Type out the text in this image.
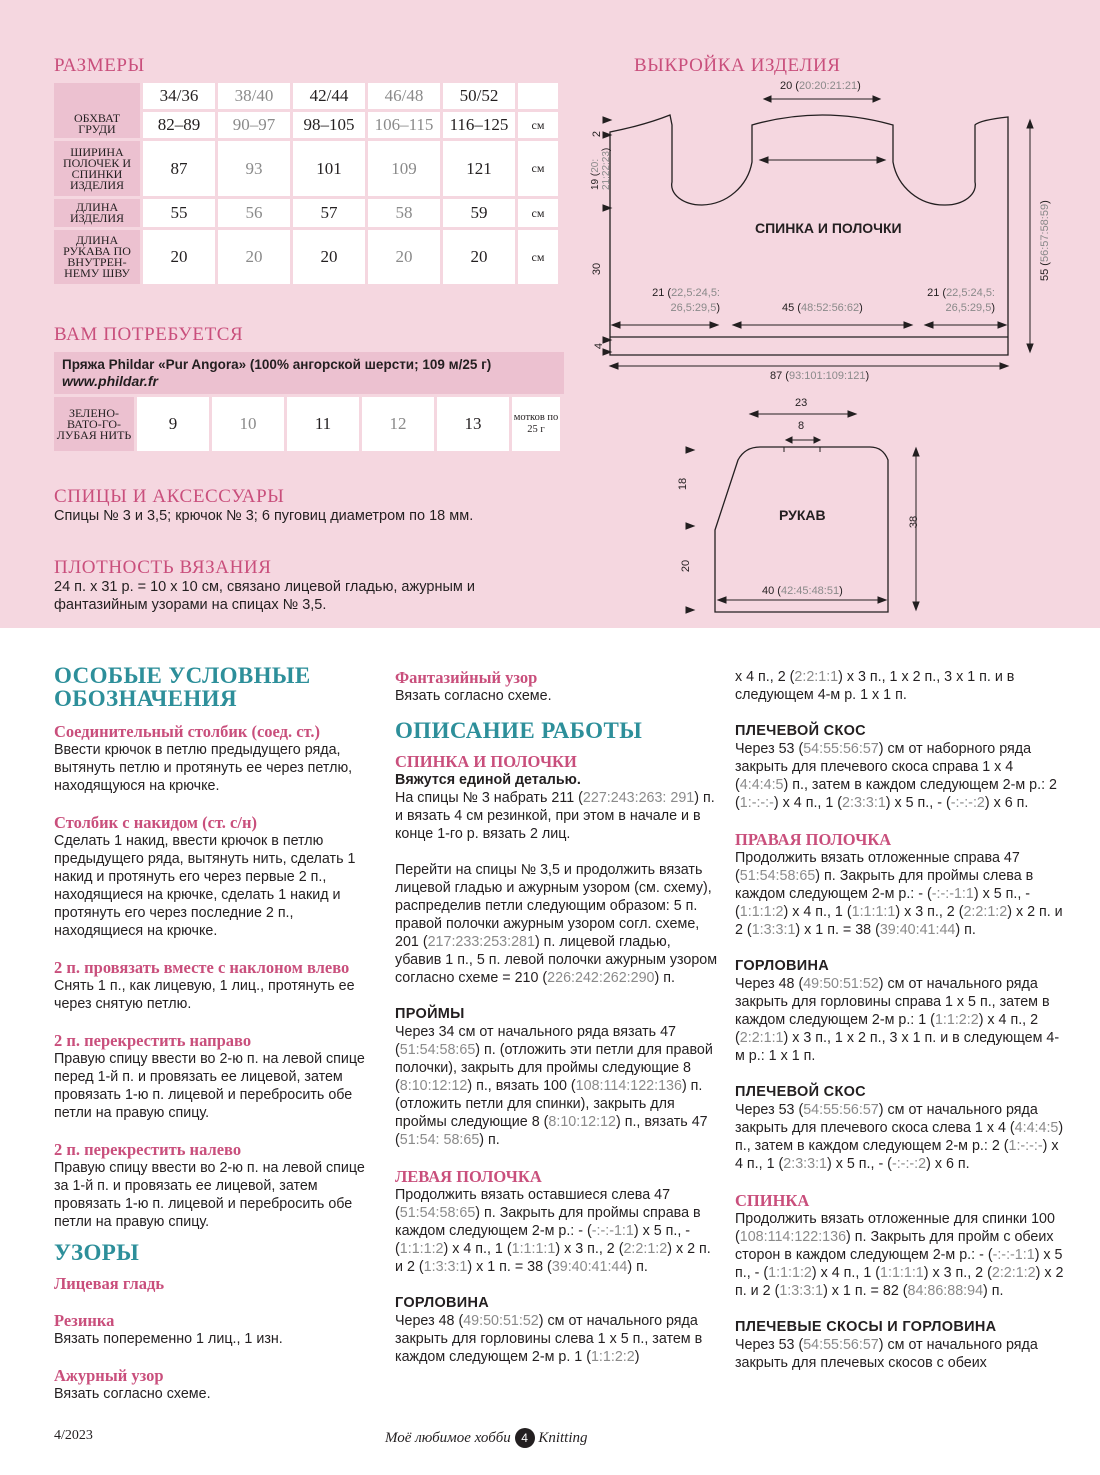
РАЗМЕРЫ
ОБХВАТ ГРУДИ	34/36	38/40	42/44	46/48	50/52	
	82–89	90–97	98–105	106–115	116–125	см
ШИРИНА ПОЛОЧЕК И СПИНКИ ИЗДЕЛИЯ	87	93	101	109	121	см
ДЛИНА ИЗДЕЛИЯ	55	56	57	58	59	см
ДЛИНА РУКАВА ПО ВНУТРЕН-НЕМУ ШВУ	20	20	20	20	20	см
ВАМ ПОТРЕБУЕТСЯ
Пряжа Phildar «Pur Angora» (100% ангорской шерсти; 109 м/25 г)
www.phildar.fr
ЗЕЛЕНО-ВАТО-ГО-ЛУБАЯ НИТЬ	9	10	11	12	13	мотков по 25 г
СПИЦЫ И АКСЕССУАРЫ
Спицы № 3 и 3,5; крючок № 3; 6 пуговиц диаметром по 18 мм.
ПЛОТНОСТЬ ВЯЗАНИЯ
24 п. х 31 р. = 10 х 10 см, связано лицевой гладью, ажурным и фантазийным узорами на спицах № 3,5.
ВЫКРОЙКА ИЗДЕЛИЯ
СПИНКА И ПОЛОЧКИ
РУКАВ
20 (20:20:21:21)
19 (20: 21:22:23)
2
30
4
55 (56:57:58:59)
21 (22,5:24,5:
26,5:29,5)
21 (22,5:24,5:
26,5:29,5)
45 (48:52:56:62)
87 (93:101:109:121)
23
8
18
20
38
40 (42:45:48:51)
ОСОБЫЕ УСЛОВНЫЕ
ОБОЗНАЧЕНИЯ
Соединительный столбик (соед. ст.)

Ввести крючок в петлю предыдущего ряда, вытянуть петлю и протянуть ее через петлю, находящуюся на крючке.

Столбик с накидом (ст. с/н)

Сделать 1 накид, ввести крючок в петлю предыдущего ряда, вытянуть нить, сделать 1 накид и протянуть его через первые 2 п., находящиеся на крючке, сделать 1 накид и протянуть его через последние 2 п., находящиеся на крючке.

2 п. провязать вместе с наклоном влево

Снять 1 п., как лицевую, 1 лиц., протянуть ее через снятую петлю.

2 п. перекрестить направо

Правую спицу ввести во 2-ю п. на левой спице перед 1-й п. и провязать ее лицевой, затем провязать 1-ю п. лицевой и перебросить обе петли на правую спицу.

2 п. перекрестить налево

Правую спицу ввести во 2-ю п. на левой спице за 1-й п. и провязать ее лицевой, затем провязать 1-ю п. лицевой и перебросить обе петли на правую спицу.

УЗОРЫ
Лицевая гладь
Резинка

Вязать попеременно 1 лиц., 1 изн.

Ажурный узор

Вязать согласно схеме.

Фантазийный узор

Вязать согласно схеме.

ОПИСАНИЕ РАБОТЫ
СПИНКА И ПОЛОЧКИ

Вяжутся единой деталью.

На спицы № 3 набрать 211 (227:243:263: 291) п. и вязать 4 см резинкой, при этом в начале и в конце 1-го р. вязать 2 лиц.

Перейти на спицы № 3,5 и продолжить вязать лицевой гладью и ажурным узором (см. схему), распределив петли следующим образом: 5 п. правой полочки ажурным узором согл. схеме, 201 (217:233:253:281) п. лицевой гладью, убавив 1 п., 5 п. левой полочки ажурным узором согласно схеме = 210 (226:242:262:290) п.

ПРОЙМЫ

Через 34 см от начального ряда вязать 47 (51:54:58:65) п. (отложить эти петли для правой полочки), закрыть для проймы следующие 8 (8:10:12:12) п., вязать 100 (108:114:122:136) п. (отложить петли для спинки), закрыть для проймы следующие 8 (8:10:12:12) п., вязать 47 (51:54: 58:65) п.

ЛЕВАЯ ПОЛОЧКА

Продолжить вязать оставшиеся слева 47 (51:54:58:65) п. Закрыть для проймы справа в каждом следующем 2-м р.: - (-:-:-1:1) х 5 п., - (1:1:1:2) х 4 п., 1 (1:1:1:1) х 3 п., 2 (2:2:1:2) х 2 п. и 2 (1:3:3:1) х 1 п. = 38 (39:40:41:44) п.

ГОРЛОВИНА

Через 48 (49:50:51:52) см от начального ряда закрыть для горловины слева 1 х 5 п., затем в каждом следующем 2-м р. 1 (1:1:2:2)

х 4 п., 2 (2:2:1:1) х 3 п., 1 х 2 п., 3 х 1 п. и в следующем 4-м р. 1 х 1 п.

ПЛЕЧЕВОЙ СКОС

Через 53 (54:55:56:57) см от наборного ряда закрыть для плечевого скоса справа 1 х 4 (4:4:4:5) п., затем в каждом следующем 2-м р.: 2 (1:-:-:-) х 4 п., 1 (2:3:3:1) х 5 п., - (-:-:-:2) х 6 п.

ПРАВАЯ ПОЛОЧКА

Продолжить вязать отложенные справа 47 (51:54:58:65) п. Закрыть для проймы слева в каждом следующем 2-м р.: - (-:-:-1:1) х 5 п., - (1:1:1:2) х 4 п., 1 (1:1:1:1) х 3 п., 2 (2:2:1:2) х 2 п. и 2 (1:3:3:1) х 1 п. = 38 (39:40:41:44) п.

ГОРЛОВИНА

Через 48 (49:50:51:52) см от начального ряда закрыть для горловины справа 1 х 5 п., затем в каждом следующем 2-м р.: 1 (1:1:2:2) х 4 п., 2 (2:2:1:1) х 3 п., 1 х 2 п., 3 х 1 п. и в следующем 4-м р.: 1 х 1 п.

ПЛЕЧЕВОЙ СКОС

Через 53 (54:55:56:57) см от начального ряда закрыть для плечевого скоса слева 1 х 4 (4:4:4:5) п., затем в каждом следующем 2-м р.: 2 (1:-:-:-) х 4 п., 1 (2:3:3:1) х 5 п., - (-:-:-:2) х 6 п.

СПИНКА

Продолжить вязать отложенные для спинки 100 (108:114:122:136) п. Закрыть для пройм с обеих сторон в каждом следующем 2-м р.: - (-:-:-1:1) х 5 п., - (1:1:1:2) х 4 п., 1 (1:1:1:1) х 3 п., 2 (2:2:1:2) х 2 п. и 2 (1:3:3:1) х 1 п. = 82 (84:86:88:94) п.

ПЛЕЧЕВЫЕ СКОСЫ И ГОРЛОВИНА

Через 53 (54:55:56:57) см от начального ряда закрыть для плечевых скосов с обеих

4/2023	Моё любимое хобби 4 Knitting
